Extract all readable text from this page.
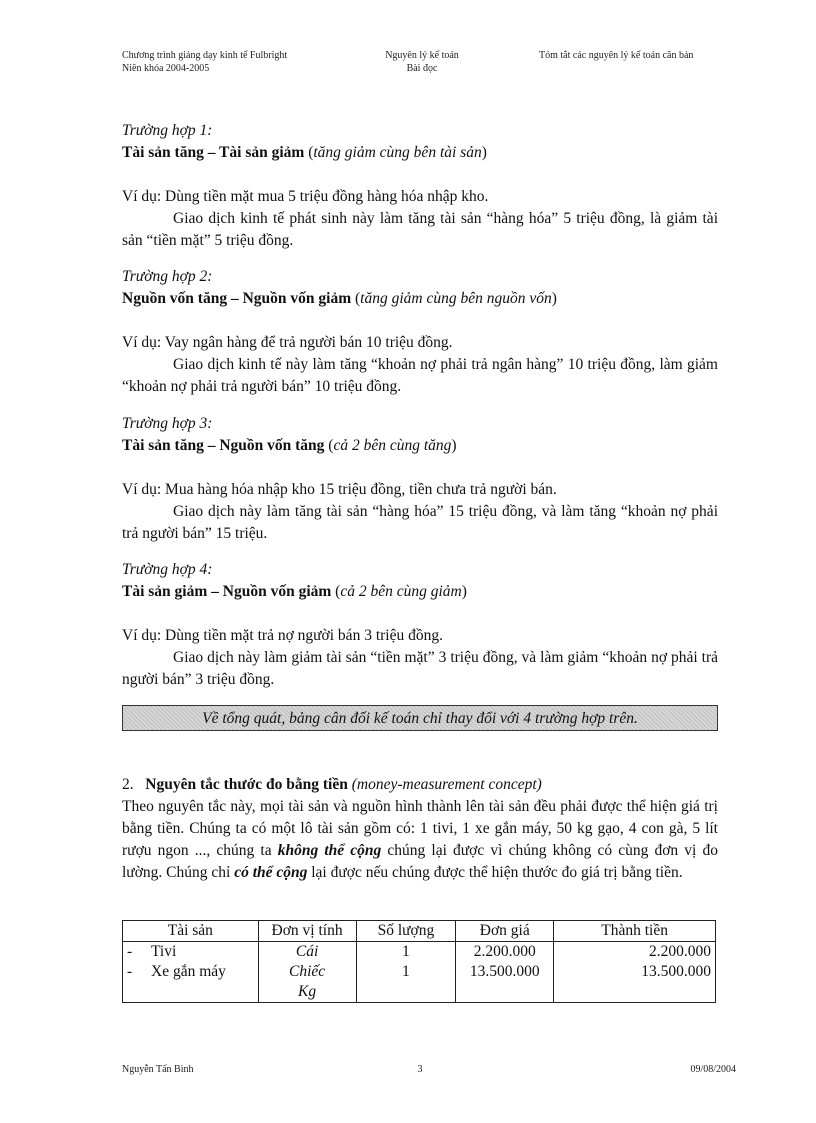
Chương trình giảng dạy kinh tế Fulbright
Niên khóa 2004-2005
Nguyên lý kế toán
Bài đọc
Tóm tắt các nguyên lý kế toán căn bản
Trường hợp 1:
Tài sản tăng – Tài sản giảm (tăng giảm cùng bên tài sản)
Ví dụ: Dùng tiền mặt mua 5 triệu đồng hàng hóa nhập kho.
Giao dịch kinh tế phát sinh này làm tăng tài sản “hàng hóa” 5 triệu đồng, là giảm tài sản “tiền mặt” 5 triệu đồng.
Trường hợp 2:
Nguồn vốn tăng – Nguồn vốn giảm (tăng giảm cùng bên nguồn vốn)
Ví dụ: Vay ngân hàng để trả người bán 10 triệu đồng.
Giao dịch kinh tế này làm tăng “khoản nợ phải trả ngân hàng” 10 triệu đồng, làm giảm “khoản nợ phải trả người bán” 10 triệu đồng.
Trường hợp 3:
Tài sản tăng – Nguồn vốn tăng (cả 2 bên cùng tăng)
Ví dụ: Mua hàng hóa nhập kho 15 triệu đồng, tiền chưa trả người bán.
Giao dịch này làm tăng tài sản “hàng hóa” 15 triệu đồng, và làm tăng “khoản nợ phải trả người bán” 15 triệu.
Trường hợp 4:
Tài sản giảm – Nguồn vốn giảm (cả 2 bên cùng giảm)
Ví dụ: Dùng tiền mặt trả nợ người bán 3 triệu đồng.
Giao dịch này làm giảm tài sản “tiền mặt” 3 triệu đồng, và làm giảm “khoản nợ phải trả người bán” 3 triệu đồng.
Về tổng quát, bảng cân đối kế toán chỉ thay đổi với 4 trường hợp trên.
2. Nguyên tắc thước đo bằng tiền (money-measurement concept)
Theo nguyên tắc này, mọi tài sản và nguồn hình thành lên tài sản đều phải được thể hiện giá trị bằng tiền. Chúng ta có một lô tài sản gồm có: 1 tivi, 1 xe gắn máy, 50 kg gạo, 4 con gà, 5 lít rượu ngon ..., chúng ta không thể cộng chúng lại được vì chúng không có cùng đơn vị đo lường. Chúng chỉ có thể cộng lại được nếu chúng được thể hiện thước đo giá trị bằng tiền.
Tài sản	Đơn vị tính	Số lượng	Đơn giá	Thành tiền
- Tivi	Cái	1	2.200.000	2.200.000
- Xe gắn máy	Chiếc	1	13.500.000	13.500.000
	Kg			
Nguyễn Tấn Bình	3	09/08/2004
